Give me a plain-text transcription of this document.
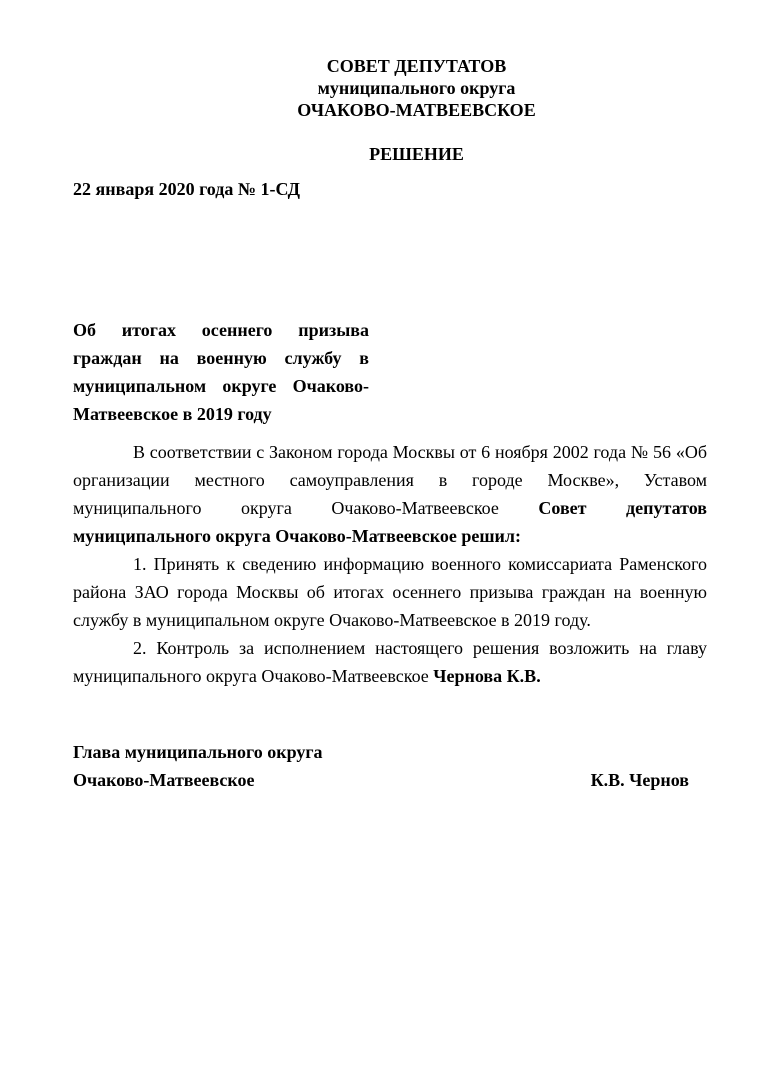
СОВЕТ ДЕПУТАТОВ
муниципального округа
ОЧАКОВО-МАТВЕЕВСКОЕ
РЕШЕНИЕ
22 января 2020 года № 1-СД
Об итогах осеннего призыва граждан на военную службу в муниципальном округе Очаково-Матвеевское в 2019 году

В соответствии с Законом города Москвы от 6 ноября 2002 года № 56 «Об организации местного самоуправления в городе Москве», Уставом муниципального округа Очаково-Матвеевское Совет депутатов муниципального округа Очаково-Матвеевское решил:

1. Принять к сведению информацию военного комиссариата Раменского района ЗАО города Москвы об итогах осеннего призыва граждан на военную службу в муниципальном округе Очаково-Матвеевское в 2019 году.

2. Контроль за исполнением настоящего решения возложить на главу муниципального округа Очаково-Матвеевское Чернова К.В.

Глава муниципального округа
Очаково-Матвеевское	К.В. Чернов
